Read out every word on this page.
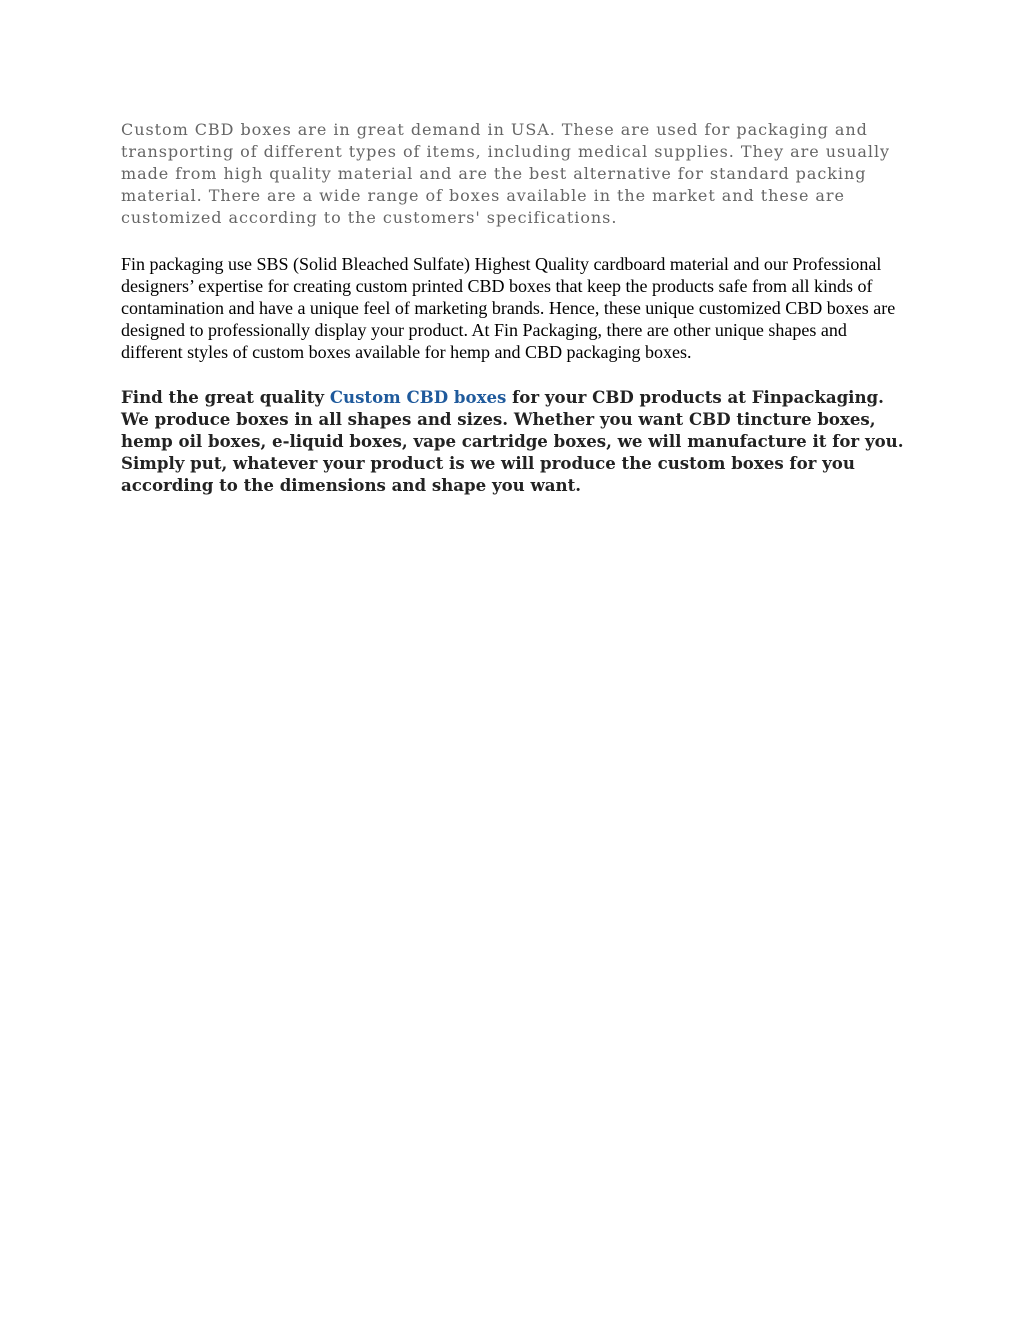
Custom CBD boxes are in great demand in USA. These are used for packaging and transporting of different types of items, including medical supplies. They are usually made from high quality material and are the best alternative for standard packing material. There are a wide range of boxes available in the market and these are customized according to the customers' specifications.

Fin packaging use SBS (Solid Bleached Sulfate) Highest Quality cardboard material and our Professional designers’ expertise for creating custom printed CBD boxes that keep the products safe from all kinds of contamination and have a unique feel of marketing brands. Hence, these unique customized CBD boxes are designed to professionally display your product. At Fin Packaging, there are other unique shapes and different styles of custom boxes available for hemp and CBD packaging boxes.

Find the great quality Custom CBD boxes for your CBD products at Finpackaging. We produce boxes in all shapes and sizes. Whether you want CBD tincture boxes, hemp oil boxes, e-liquid boxes, vape cartridge boxes, we will manufacture it for you. Simply put, whatever your product is we will produce the custom boxes for you according to the dimensions and shape you want.
